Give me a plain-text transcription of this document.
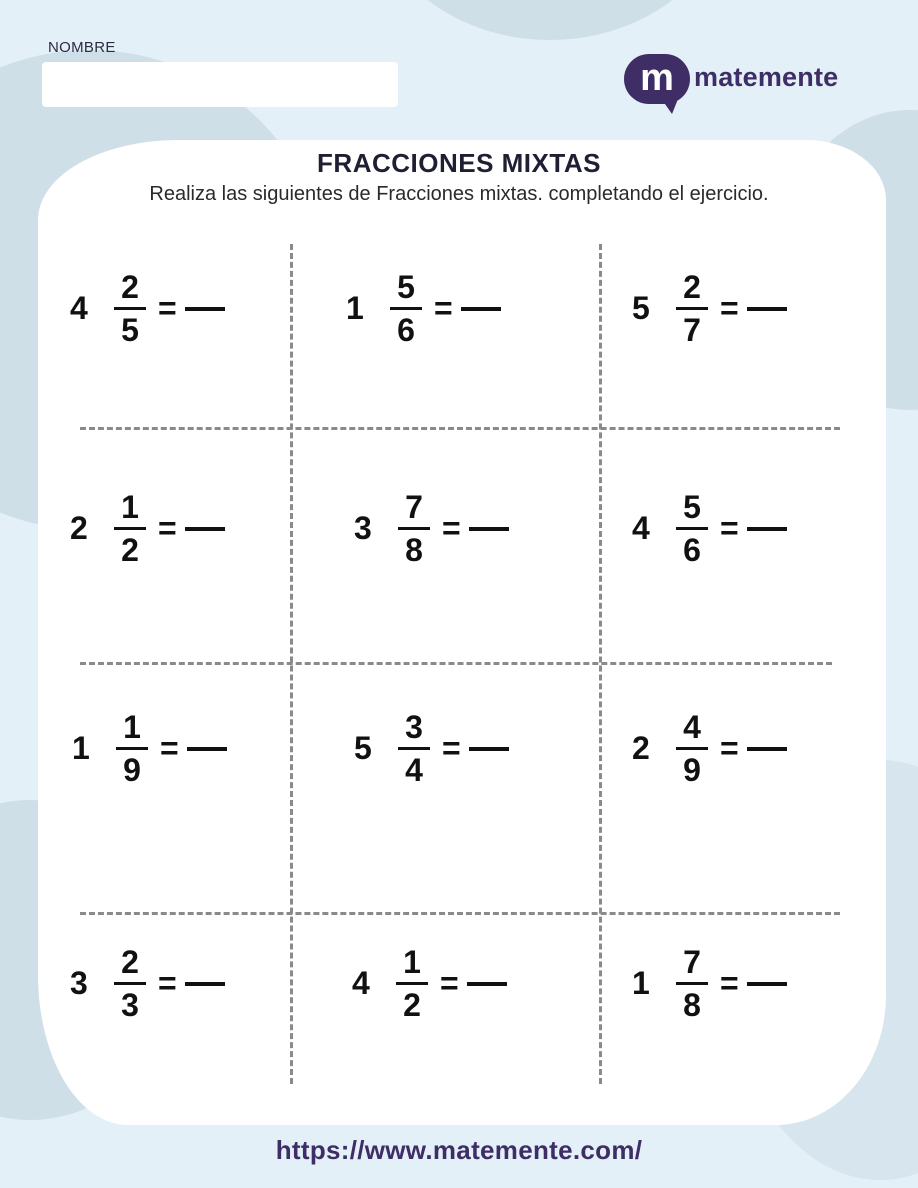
NOMBRE
m matemente
FRACCIONES MIXTAS
Realiza las siguientes de Fracciones mixtas. completando el ejercicio.
$4 \frac{2}{5}$ =	$1 \frac{5}{6}$ =	$5 \frac{2}{7}$ =
$2 \frac{1}{2}$ =	$3 \frac{7}{8}$ =	$4 \frac{5}{6}$ =
$1 \frac{1}{9}$ =	$5 \frac{3}{4}$ =	$2 \frac{4}{9}$ =
$3 \frac{2}{3}$ =	$4 \frac{1}{2}$ =	$1 \frac{7}{8}$ =
https://www.matemente.com/
